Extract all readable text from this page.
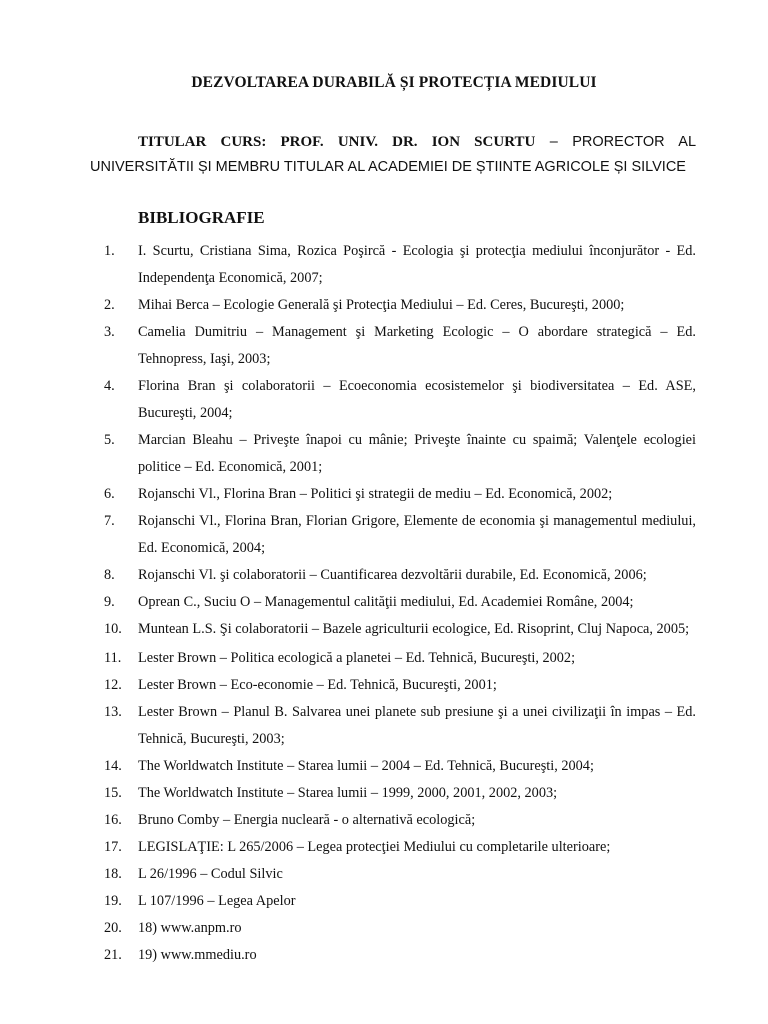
DEZVOLTAREA DURABILĂ ȘI PROTECȚIA MEDIULUI
TITULAR CURS: PROF. UNIV. DR. ION SCURTU – PRORECTOR AL UNIVERSITĂTII ȘI MEMBRU TITULAR AL ACADEMIEI DE ȘTIINTE AGRICOLE ȘI SILVICE
BIBLIOGRAFIE
1.	I. Scurtu, Cristiana Sima, Rozica Poşircă - Ecologia şi protecţia mediului înconjurător - Ed. Independenţa Economică, 2007;
2.	Mihai Berca – Ecologie Generală şi Protecţia Mediului – Ed. Ceres, Bucureşti, 2000;
3.	Camelia Dumitriu – Management şi Marketing Ecologic – O abordare strategică – Ed. Tehnopress, Iaşi, 2003;
4.	Florina Bran şi colaboratorii – Ecoeconomia ecosistemelor şi biodiversitatea – Ed. ASE, Bucureşti, 2004;
5.	Marcian Bleahu – Priveşte înapoi cu mânie; Priveşte înainte cu spaimă; Valenţele ecologiei politice – Ed. Economică, 2001;
6.	Rojanschi Vl., Florina Bran – Politici şi strategii de mediu – Ed. Economică, 2002;
7.	Rojanschi Vl., Florina Bran, Florian Grigore, Elemente de economia şi managementul mediului, Ed. Economică, 2004;
8.	Rojanschi Vl. şi colaboratorii – Cuantificarea dezvoltării durabile, Ed. Economică, 2006;
9.	Oprean C., Suciu O – Managementul calităţii mediului, Ed. Academiei Române, 2004;
10.	Muntean L.S. Şi colaboratorii – Bazele agriculturii ecologice, Ed. Risoprint, Cluj Napoca, 2005;
11.	Lester Brown – Politica ecologică a planetei – Ed. Tehnică, Bucureşti, 2002;
12.	Lester Brown – Eco-economie – Ed. Tehnică, Bucureşti, 2001;
13.	Lester Brown – Planul B. Salvarea unei planete sub presiune şi a unei civilizaţii în impas – Ed. Tehnică, Bucureşti, 2003;
14.	The Worldwatch Institute – Starea lumii – 2004 – Ed. Tehnică, Bucureşti, 2004;
15.	The Worldwatch Institute – Starea lumii – 1999, 2000, 2001, 2002, 2003;
16.	Bruno Comby – Energia nucleară - o alternativă ecologică;
17.	LEGISLAŢIE: L 265/2006 – Legea protecţiei Mediului cu completarile ulterioare;
18.	L 26/1996 – Codul Silvic
19.	L 107/1996 – Legea Apelor
20.	18) www.anpm.ro
21.	19) www.mmediu.ro
